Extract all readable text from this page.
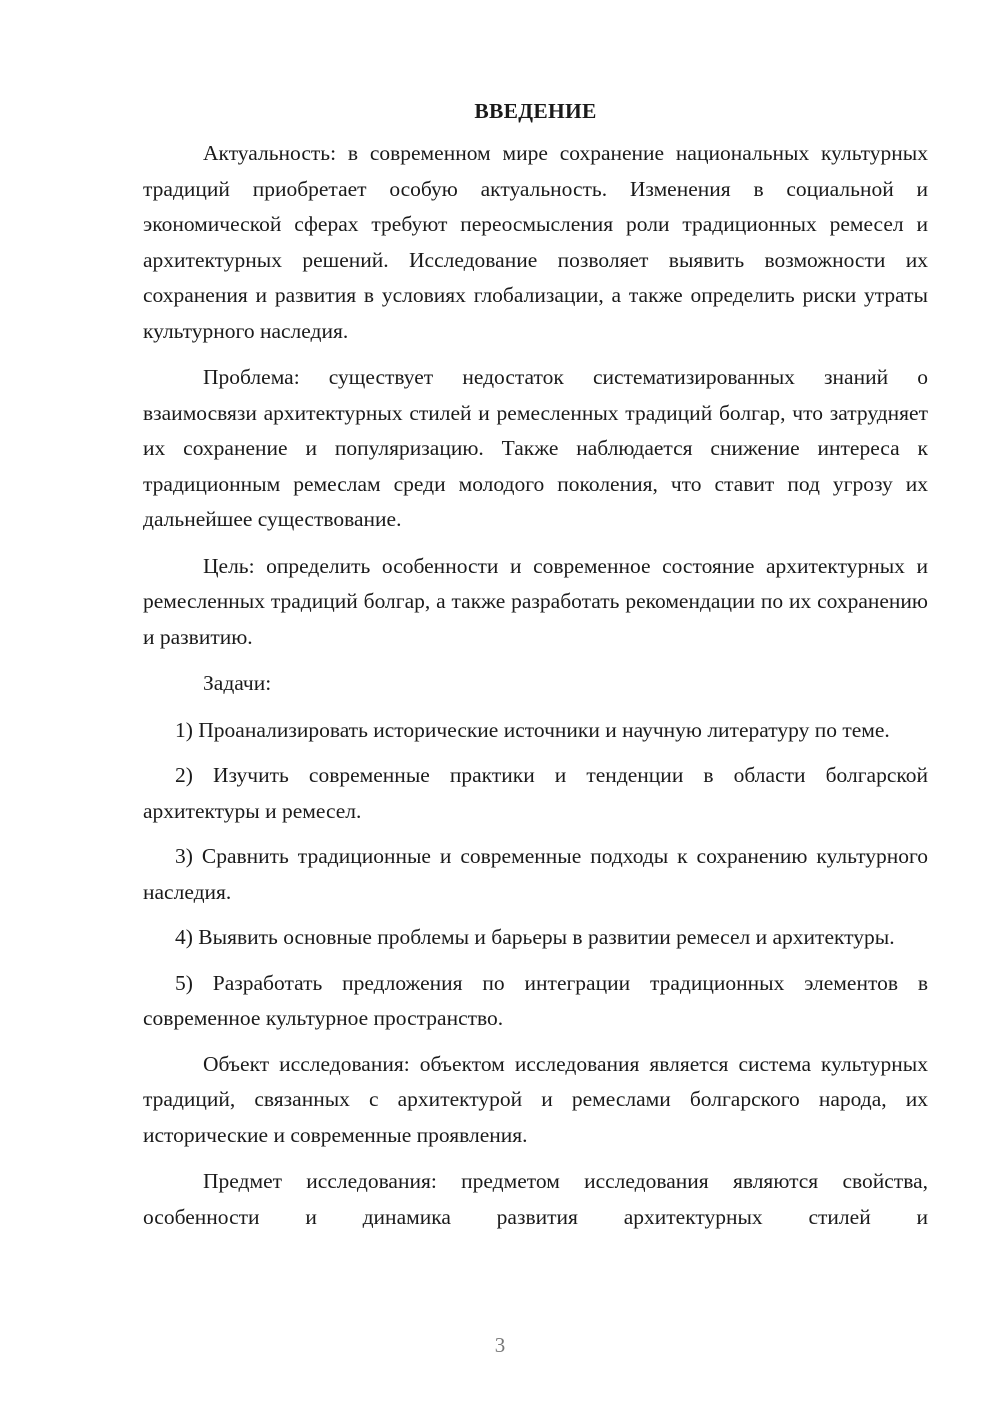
ВВЕДЕНИЕ

Актуальность: в современном мире сохранение национальных культурных традиций приобретает особую актуальность. Изменения в социальной и экономической сферах требуют переосмысления роли традиционных ремесел и архитектурных решений. Исследование позволяет выявить возможности их сохранения и развития в условиях глобализации, а также определить риски утраты культурного наследия.

Проблема: существует недостаток систематизированных знаний о взаимосвязи архитектурных стилей и ремесленных традиций болгар, что затрудняет их сохранение и популяризацию. Также наблюдается снижение интереса к традиционным ремеслам среди молодого поколения, что ставит под угрозу их дальнейшее существование.

Цель: определить особенности и современное состояние архитектурных и ремесленных традиций болгар, а также разработать рекомендации по их сохранению и развитию.

Задачи:

1) Проанализировать исторические источники и научную литературу по теме.

2) Изучить современные практики и тенденции в области болгарской архитектуры и ремесел.

3) Сравнить традиционные и современные подходы к сохранению культурного наследия.

4) Выявить основные проблемы и барьеры в развитии ремесел и архитектуры.

5) Разработать предложения по интеграции традиционных элементов в современное культурное пространство.

Объект исследования: объектом исследования является система культурных традиций, связанных с архитектурой и ремеслами болгарского народа, их исторические и современные проявления.

Предмет исследования: предметом исследования являются свойства, особенности и динамика развития архитектурных стилей и

3
